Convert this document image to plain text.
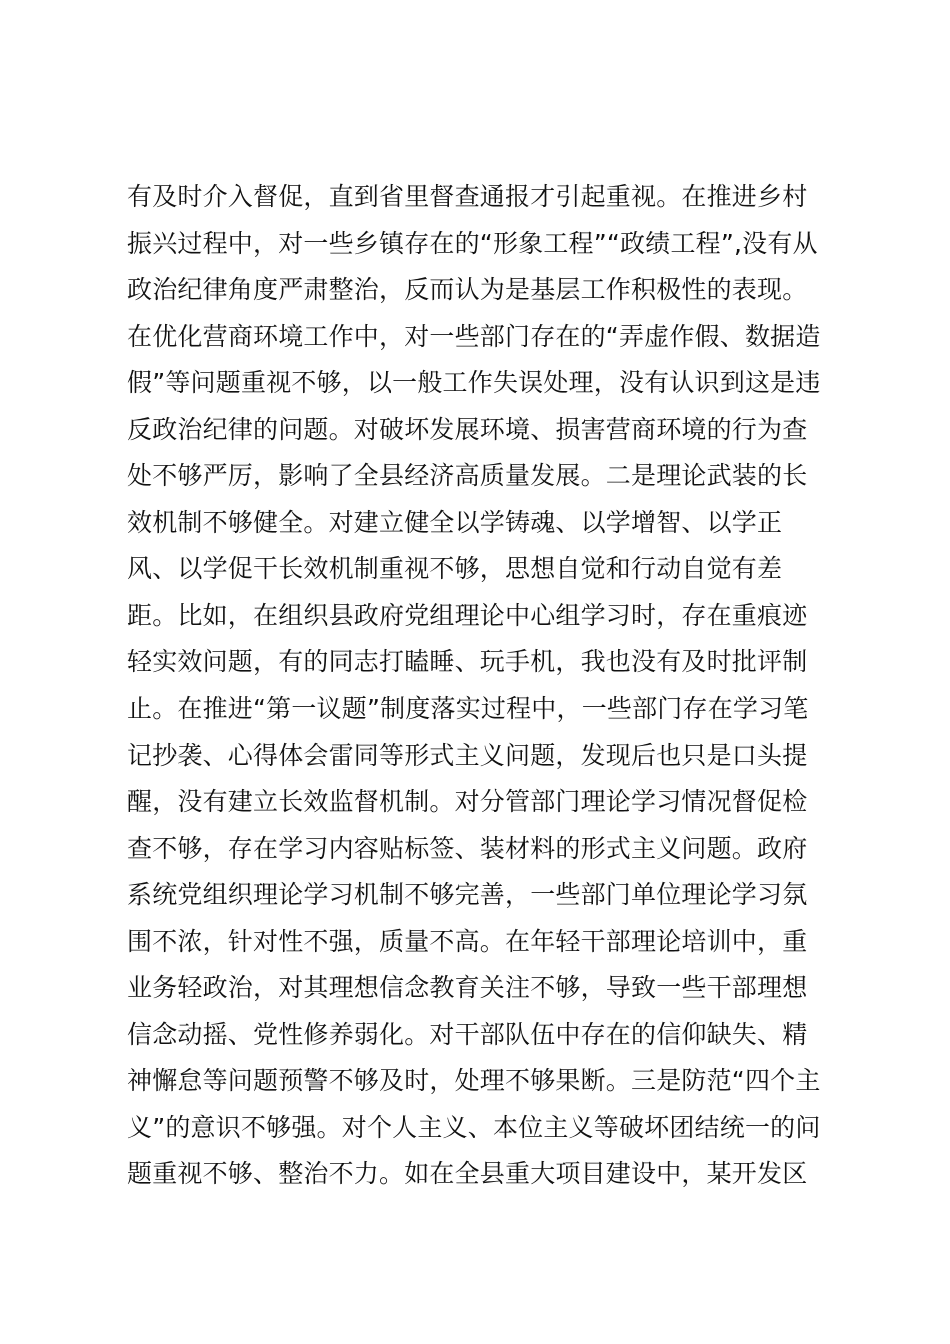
有及时介入督促，直到省里督查通报才引起重视。在推进乡村
振兴过程中，对一些乡镇存在的“形象工程”“政绩工程”,没有从
政治纪律角度严肃整治，反而认为是基层工作积极性的表现。
在优化营商环境工作中，对一些部门存在的“弄虚作假、数据造
假”等问题重视不够，以一般工作失误处理，没有认识到这是违
反政治纪律的问题。对破坏发展环境、损害营商环境的行为查
处不够严厉，影响了全县经济高质量发展。二是理论武装的长
效机制不够健全。对建立健全以学铸魂、以学增智、以学正
风、以学促干长效机制重视不够，思想自觉和行动自觉有差
距。比如，在组织县政府党组理论中心组学习时，存在重痕迹
轻实效问题，有的同志打瞌睡、玩手机，我也没有及时批评制
止。在推进“第一议题”制度落实过程中，一些部门存在学习笔
记抄袭、心得体会雷同等形式主义问题，发现后也只是口头提
醒，没有建立长效监督机制。对分管部门理论学习情况督促检
查不够，存在学习内容贴标签、装材料的形式主义问题。政府
系统党组织理论学习机制不够完善，一些部门单位理论学习氛
围不浓，针对性不强，质量不高。在年轻干部理论培训中，重
业务轻政治，对其理想信念教育关注不够，导致一些干部理想
信念动摇、党性修养弱化。对干部队伍中存在的信仰缺失、精
神懈怠等问题预警不够及时，处理不够果断。三是防范“四个主
义”的意识不够强。对个人主义、本位主义等破坏团结统一的问
题重视不够、整治不力。如在全县重大项目建设中，某开发区
